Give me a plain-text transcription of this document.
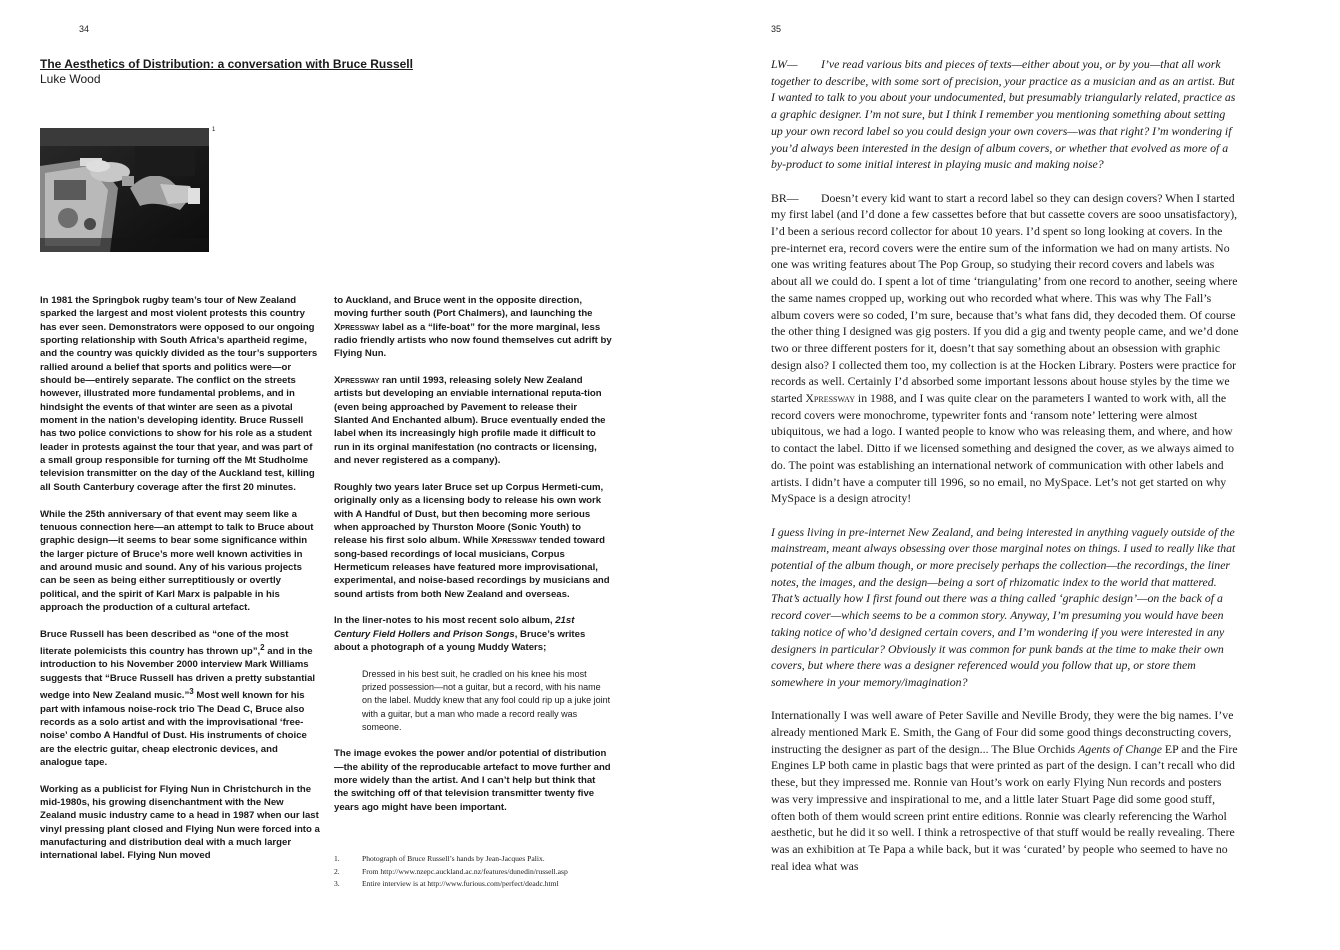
34	35
The Aesthetics of Distribution: a conversation with Bruce Russell
Luke Wood
1

In 1981 the Springbok rugby team’s tour of New Zealand sparked the largest and most violent protests this country has ever seen. Demonstrators were opposed to our ongoing sporting relationship with South Africa’s apartheid regime, and the country was quickly divided as the tour’s supporters rallied around a belief that sports and politics were—or should be—entirely separate. The conflict on the streets however, illustrated more fundamental problems, and in hindsight the events of that winter are seen as a pivotal moment in the nation’s developing identity. Bruce Russell has two police convictions to show for his role as a student leader in protests against the tour that year, and was part of a small group responsible for turning off the Mt Studholme television transmitter on the day of the Auckland test, killing all South Canterbury coverage after the first 20 minutes.

While the 25th anniversary of that event may seem like a tenuous connection here—an attempt to talk to Bruce about graphic design—it seems to bear some significance within the larger picture of Bruce’s more well known activities in and around music and sound. Any of his various projects can be seen as being either surreptitiously or overtly political, and the spirit of Karl Marx is palpable in his approach the production of a cultural artefact.

Bruce Russell has been described as “one of the most literate polemicists this country has thrown up”,$^2$ and in the introduction to his November 2000 interview Mark Williams suggests that “Bruce Russell has driven a pretty substantial wedge into New Zealand music.”$^3$ Most well known for his part with infamous noise-rock trio The Dead C, Bruce also records as a solo artist and with the improvisational ‘free-noise’ combo A Handful of Dust. His instruments of choice are the electric guitar, cheap electronic devices, and analogue tape.

Working as a publicist for Flying Nun in Christchurch in the mid-1980s, his growing disenchantment with the New Zealand music industry came to a head in 1987 when our last vinyl pressing plant closed and Flying Nun were forced into a manufacturing and distribution deal with a much larger international label. Flying Nun moved

to Auckland, and Bruce went in the opposite direction, moving further south (Port Chalmers), and launching the Xpressway label as a “life-boat” for the more marginal, less radio friendly artists who now found themselves cut adrift by Flying Nun.

Xpressway ran until 1993, releasing solely New Zealand artists but developing an enviable international reputa-tion (even being approached by Pavement to release their Slanted And Enchanted album). Bruce eventually ended the label when its increasingly high profile made it difficult to run in its orginal manifestation (no contracts or licensing, and never registered as a company).

Roughly two years later Bruce set up Corpus Hermeti-cum, originally only as a licensing body to release his own work with A Handful of Dust, but then becoming more serious when approached by Thurston Moore (Sonic Youth) to release his first solo album. While Xpressway tended toward song-based recordings of local musicians, Corpus Hermeticum releases have featured more improvisational, experimental, and noise-based recordings by musicians and sound artists from both New Zealand and overseas.

In the liner-notes to his most recent solo album, 21st Century Field Hollers and Prison Songs, Bruce’s writes about a photograph of a young Muddy Waters;

Dressed in his best suit, he cradled on his knee his most prized possession—not a guitar, but a record, with his name on the label. Muddy knew that any fool could rip up a juke joint with a guitar, but a man who made a record really was someone.

The image evokes the power and/or potential of distribution—the ability of the reproducable artefact to move further and more widely than the artist. And I can’t help but think that the switching off of that television transmitter twenty five years ago might have been important.

1.	Photograph of Bruce Russell’s hands by Jean-Jacques Palix.
2.	From http://www.nzepc.auckland.ac.nz/features/dunedin/russell.asp
3.	Entire interview is at http://www.furious.com/perfect/deadc.html

LW— I’ve read various bits and pieces of texts—either about you, or by you—that all work together to describe, with some sort of precision, your practice as a musician and as an artist. But I wanted to talk to you about your undocumented, but presumably triangularly related, practice as a graphic designer. I’m not sure, but I think I remember you mentioning something about setting up your own record label so you could design your own covers—was that right? I’m wondering if you’d always been interested in the design of album covers, or whether that evolved as more of a by-product to some initial interest in playing music and making noise?

BR— Doesn’t every kid want to start a record label so they can design covers? When I started my first label (and I’d done a few cassettes before that but cassette covers are sooo unsatisfactory), I’d been a serious record collector for about 10 years. I’d spent so long looking at covers. In the pre-internet era, record covers were the entire sum of the information we had on many artists. No one was writing features about The Pop Group, so studying their record covers and labels was about all we could do. I spent a lot of time ‘triangulating’ from one record to another, seeing where the same names cropped up, working out who recorded what where. This was why The Fall’s album covers were so coded, I’m sure, because that’s what fans did, they decoded them. Of course the other thing I designed was gig posters. If you did a gig and twenty people came, and we’d done two or three different posters for it, doesn’t that say something about an obsession with graphic design also? I collected them too, my collection is at the Hocken Library. Posters were practice for records as well. Certainly I’d absorbed some important lessons about house styles by the time we started Xpressway in 1988, and I was quite clear on the parameters I wanted to work with, all the record covers were monochrome, typewriter fonts and ‘ransom note’ lettering were almost ubiquitous, we had a logo. I wanted people to know who was releasing them, and where, and how to contact the label. Ditto if we licensed something and designed the cover, as we always aimed to do. The point was establishing an international network of communication with other labels and artists. I didn’t have a computer till 1996, so no email, no MySpace. Let’s not get started on why MySpace is a design atrocity!

I guess living in pre-internet New Zealand, and being interested in anything vaguely outside of the mainstream, meant always obsessing over those marginal notes on things. I used to really like that potential of the album though, or more precisely perhaps the collection—the recordings, the liner notes, the images, and the design—being a sort of rhizomatic index to the world that mattered. That’s actually how I first found out there was a thing called ‘graphic design’—on the back of a record cover—which seems to be a common story. Anyway, I’m presuming you would have been taking notice of who’d designed certain covers, and I’m wondering if you were interested in any designers in particular? Obviously it was common for punk bands at the time to make their own covers, but where there was a designer referenced would you follow that up, or store them somewhere in your memory/imagination?

Internationally I was well aware of Peter Saville and Neville Brody, they were the big names. I’ve already mentioned Mark E. Smith, the Gang of Four did some good things deconstructing covers, instructing the designer as part of the design... The Blue Orchids Agents of Change EP and the Fire Engines LP both came in plastic bags that were printed as part of the design. I can’t recall who did these, but they impressed me. Ronnie van Hout’s work on early Flying Nun records and posters was very impressive and inspirational to me, and a little later Stuart Page did some good stuff, often both of them would screen print entire editions. Ronnie was clearly referencing the Warhol aesthetic, but he did it so well. I think a retrospective of that stuff would be really revealing. There was an exhibition at Te Papa a while back, but it was ‘curated’ by people who seemed to have no real idea what was
